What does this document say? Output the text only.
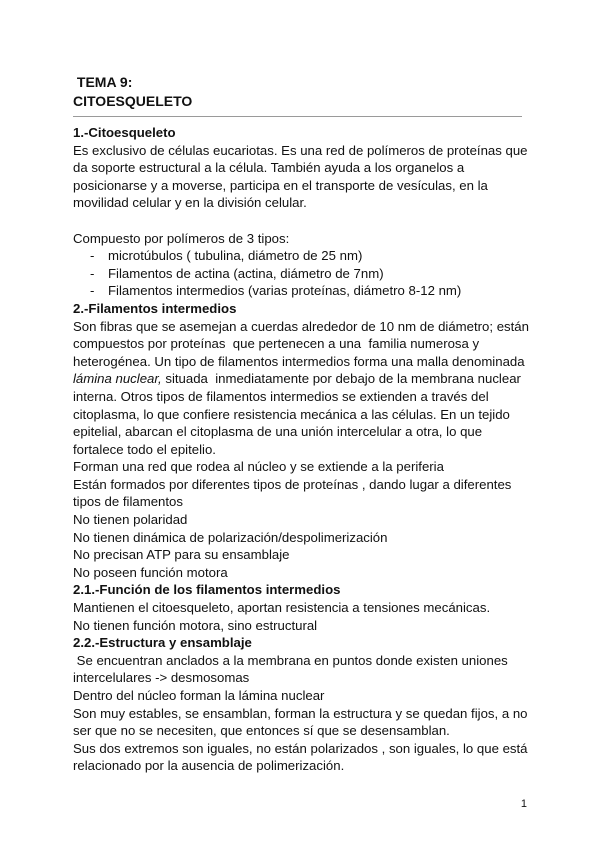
TEMA 9:
CITOESQUELETO

1.-Citoesqueleto

Es exclusivo de células eucariotas. Es una red de polímeros de proteínas que

da soporte estructural a la célula. También ayuda a los organelos a

posicionarse y a moverse, participa en el transporte de vesículas, en la

movilidad celular y en la división celular.

Compuesto por polímeros de 3 tipos:

- microtúbulos ( tubulina, diámetro de 25 nm)
- Filamentos de actina (actina, diámetro de 7nm)
- Filamentos intermedios (varias proteínas, diámetro 8-12 nm)

2.-Filamentos intermedios

Son fibras que se asemejan a cuerdas alrededor de 10 nm de diámetro; están

compuestos por proteínas  que pertenecen a una  familia numerosa y

heterogénea. Un tipo de filamentos intermedios forma una malla denominada

lámina nuclear, situada  inmediatamente por debajo de la membrana nuclear

interna. Otros tipos de filamentos intermedios se extienden a través del

citoplasma, lo que confiere resistencia mecánica a las células. En un tejido

epitelial, abarcan el citoplasma de una unión intercelular a otra, lo que

fortalece todo el epitelio.

Forman una red que rodea al núcleo y se extiende a la periferia

Están formados por diferentes tipos de proteínas , dando lugar a diferentes

tipos de filamentos

No tienen polaridad

No tienen dinámica de polarización/despolimerización

No precisan ATP para su ensamblaje

No poseen función motora

2.1.-Función de los filamentos intermedios

Mantienen el citoesqueleto, aportan resistencia a tensiones mecánicas.

No tienen función motora, sino estructural

2.2.-Estructura y ensamblaje

Se encuentran anclados a la membrana en puntos donde existen uniones

intercelulares -> desmosomas

Dentro del núcleo forman la lámina nuclear

Son muy estables, se ensamblan, forman la estructura y se quedan fijos, a no

ser que no se necesiten, que entonces sí que se desensamblan.

Sus dos extremos son iguales, no están polarizados , son iguales, lo que está

relacionado por la ausencia de polimerización.

1
